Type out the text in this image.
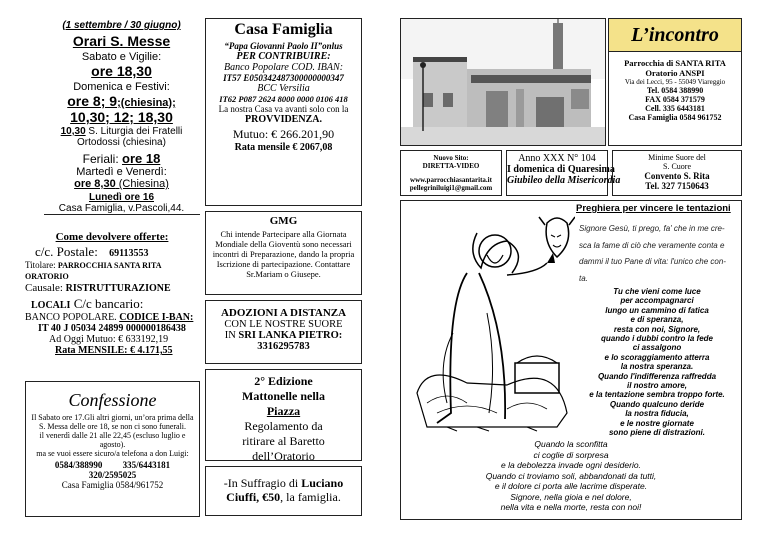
(1 settembre / 30 giugno)
Orari S. Messe
Sabato e Vigilie:
ore 18,30
Domenica e Festivi:
ore 8; 9;(chiesina);
10,30; 12; 18,30
10,30 S. Liturgia dei Fratelli
Ortodossi (chiesina)
Feriali: ore 18
Martedì e Venerdì:
ore 8,30 (Chiesina)
Lunedì ore 16
Casa Famiglia, v.Pascoli,44.
Come devolvere offerte:
c/c. Postale: 69113553
Titolare: PARROCCHIA SANTA RITA ORATORIO
Causale: RISTRUTTURAZIONE
LOCALI C/c bancario:
BANCO POPOLARE. CODICE I-BAN:
IT 40 J 05034 24899 000000186438
Ad Oggi Mutuo: € 633192,19
Rata MENSILE: € 4.171,55
Confessione
Il Sabato ore 17.Gli altri giorni, un’ora prima della S. Messa delle ore 18, se non ci sono funerali.
il venerdì dalle 21 alle 22,45 (escluso luglio e agosto).
ma se vuoi essere sicuro/a telefona a don Luigi:
0584/388990         335/6443181
320/2595025
Casa Famiglia 0584/961752
Casa Famiglia
“Papa Giovanni Paolo II”onlus
PER CONTRIBUIRE:
Banco Popolare COD. IBAN:
IT57 E050342487300000000347
BCC Versilia
IT62 P087 2624 8000 0000 0106 418
La nostra Casa va avanti solo con la
PROVVIDENZA.
Mutuo: € 266.201,90
Rata mensile € 2067,08
GMG
Chi intende Partecipare alla Giornata Mondiale della Gioventù sono necessari incontri di Preparazione, dando la propria Iscrizione di partecipazione. Contattare Sr.Mariam o Giusepe.
ADOZIONI A DISTANZA
CON LE NOSTRE SUORE
IN SRI LANKA PIETRO:
3316295783
2° Edizione
Mattonelle nella
Piazza
Regolamento da
ritirare al Baretto
dell’Oratorio
-In Suffragio di Luciano Ciuffi, €50, la famiglia.
L’incontro
Parrocchia di SANTA RITA
Oratorio ANSPI
Via dei Lecci, 95 - 55049 Viareggio
Tel. 0584 388990
FAX 0584 371579
Cell. 335 6443181
Casa Famiglia 0584 961752
Nuovo Sito:
DIRETTA-VIDEO
www.parrocchiasantarita.it
pellegriniluigi1@gmail.com
Anno XXX N° 104
I domenica di Quaresima
Giubileo della Misericordia
Minime Suore del
S. Cuore
Convento S. Rita
Tel. 327 7150643
Preghiera per vincere le tentazioni
Signore Gesù, ti prego, fa' che in me cre-
sca la fame di ciò che veramente conta e
dammi il tuo Pane di vita: l'unico che con-
ta.
Tu che vieni come luce
per accompagnarci
lungo un cammino di fatica
e di speranza,
resta con noi, Signore,
quando i dubbi contro la fede
ci assalgono
e lo scoraggiamento atterra
la nostra speranza.
Quando l'indifferenza raffredda
il nostro amore,
e la tentazione sembra troppo forte.
Quando qualcuno deride
la nostra fiducia,
e le nostre giornate
sono piene di distrazioni.
Quando la sconfitta
ci coglie di sorpresa
e la debolezza invade ogni desiderio.
Quando ci troviamo soli, abbandonati da tutti,
e il dolore ci porta alle lacrime disperate.
Signore, nella gioia e nel dolore,
nella vita e nella morte, resta con noi!
